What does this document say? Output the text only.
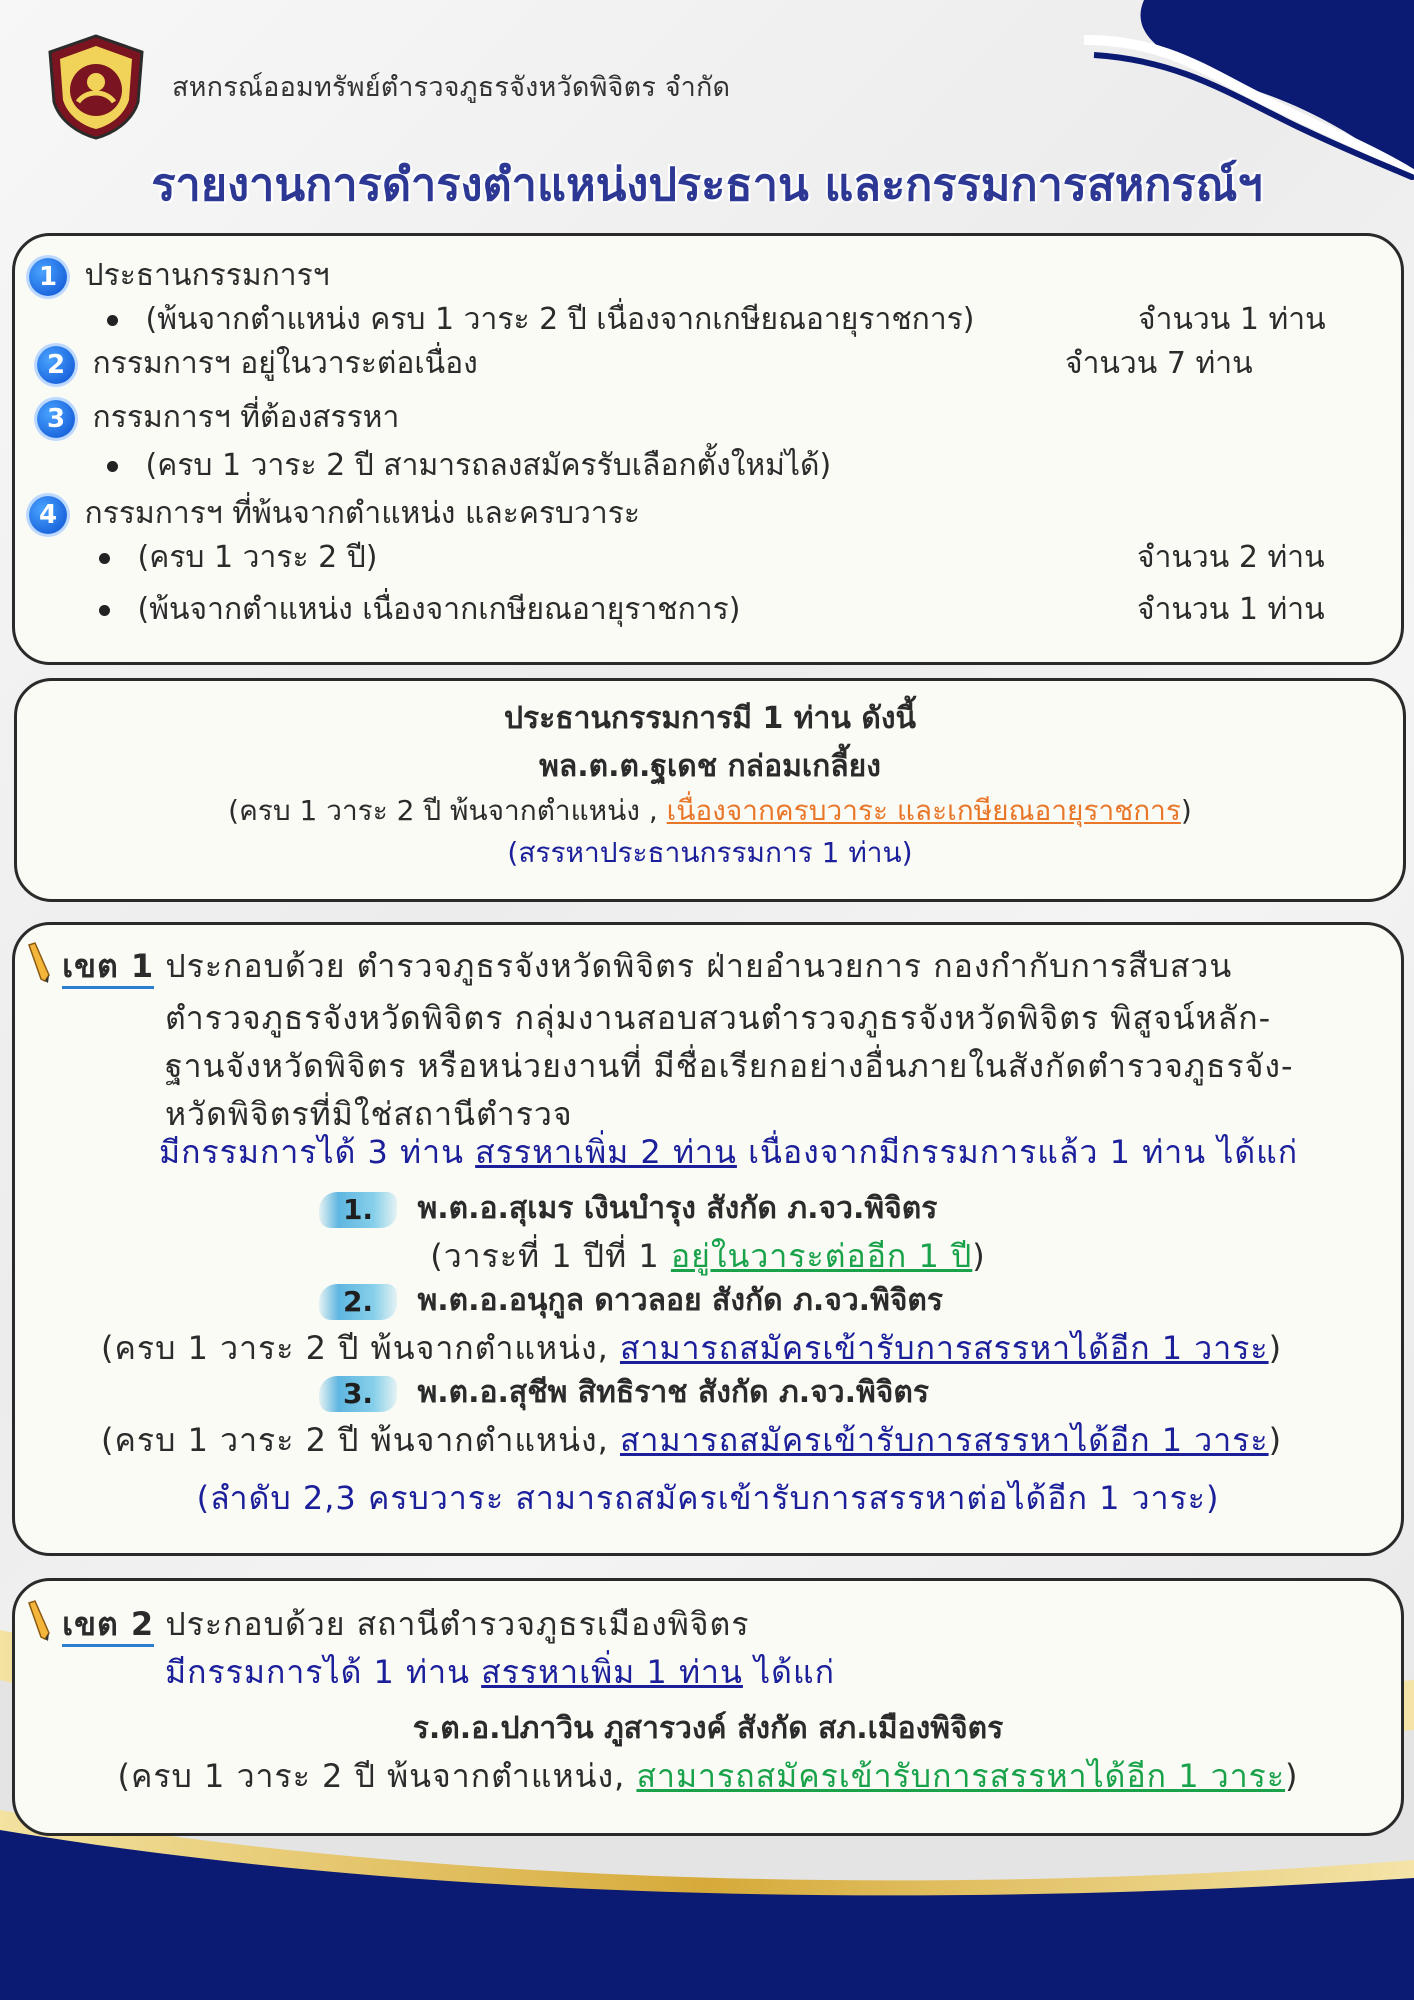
สหกรณ์ออมทรัพย์ตำรวจภูธรจังหวัดพิจิตร จำกัด
รายงานการดำรงตำแหน่งประธาน และกรรมการสหกรณ์ฯ
1 ประธานกรรมการฯ
(พ้นจากตำแหน่ง ครบ 1 วาระ 2 ปี เนื่องจากเกษียณอายุราชการ)	จำนวน 1 ท่าน
2 กรรมการฯ อยู่ในวาระต่อเนื่อง	จำนวน 7 ท่าน
3 กรรมการฯ ที่ต้องสรรหา
(ครบ 1 วาระ 2 ปี สามารถลงสมัครรับเลือกตั้งใหม่ได้)
4 กรรมการฯ ที่พ้นจากตำแหน่ง และครบวาระ
(ครบ 1 วาระ 2 ปี)	จำนวน 2 ท่าน
(พ้นจากตำแหน่ง เนื่องจากเกษียณอายุราชการ)	จำนวน 1 ท่าน
ประธานกรรมการมี 1 ท่าน ดังนี้
พล.ต.ต.ฐเดช กล่อมเกลี้ยง
(ครบ 1 วาระ 2 ปี พ้นจากตำแหน่ง , เนื่องจากครบวาระ และเกษียณอายุราชการ)
(สรรหาประธานกรรมการ 1 ท่าน)
เขต 1 ประกอบด้วย ตำรวจภูธรจังหวัดพิจิตร ฝ่ายอำนวยการ กองกำกับการสืบสวน
ตำรวจภูธรจังหวัดพิจิตร กลุ่มงานสอบสวนตำรวจภูธรจังหวัดพิจิตร พิสูจน์หลัก-
ฐานจังหวัดพิจิตร หรือหน่วยงานที่ มีชื่อเรียกอย่างอื่นภายในสังกัดตำรวจภูธรจัง-
หวัดพิจิตรที่มิใช่สถานีตำรวจ
มีกรรมการได้ 3 ท่าน สรรหาเพิ่ม 2 ท่าน เนื่องจากมีกรรมการแล้ว 1 ท่าน ได้แก่
1. พ.ต.อ.สุเมร เงินบำรุง สังกัด ภ.จว.พิจิตร
(วาระที่ 1 ปีที่ 1 อยู่ในวาระต่ออีก 1 ปี)
2. พ.ต.อ.อนุกูล ดาวลอย สังกัด ภ.จว.พิจิตร
(ครบ 1 วาระ 2 ปี พ้นจากตำแหน่ง, สามารถสมัครเข้ารับการสรรหาได้อีก 1 วาระ)
3. พ.ต.อ.สุชีพ สิทธิราช สังกัด ภ.จว.พิจิตร
(ครบ 1 วาระ 2 ปี พ้นจากตำแหน่ง, สามารถสมัครเข้ารับการสรรหาได้อีก 1 วาระ)
(ลำดับ 2,3 ครบวาระ สามารถสมัครเข้ารับการสรรหาต่อได้อีก 1 วาระ)
เขต 2 ประกอบด้วย สถานีตำรวจภูธรเมืองพิจิตร
มีกรรมการได้ 1 ท่าน สรรหาเพิ่ม 1 ท่าน ได้แก่
ร.ต.อ.ปภาวิน ภูสารวงค์ สังกัด สภ.เมืองพิจิตร
(ครบ 1 วาระ 2 ปี พ้นจากตำแหน่ง, สามารถสมัครเข้ารับการสรรหาได้อีก 1 วาระ)
